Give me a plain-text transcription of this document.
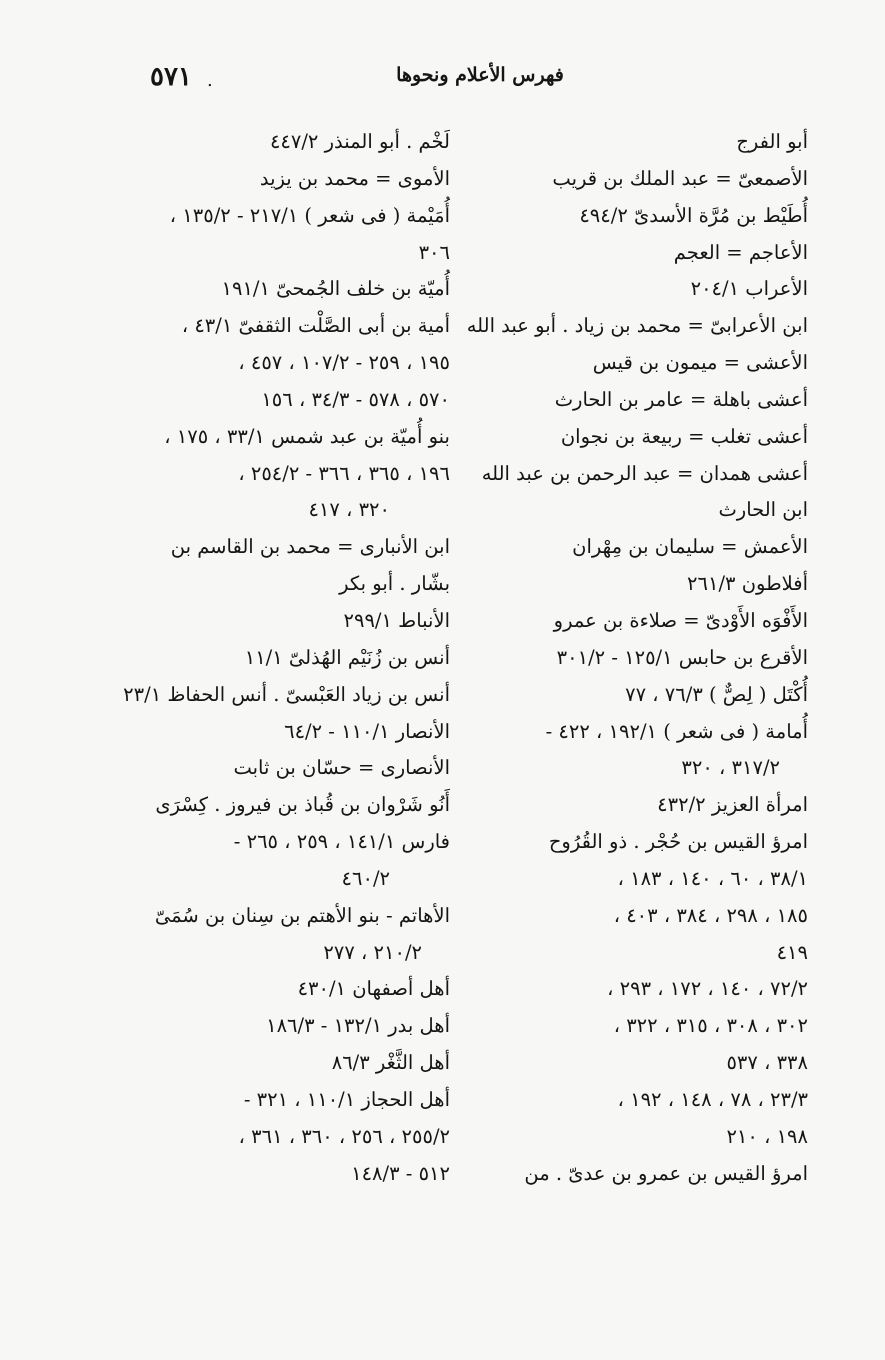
٥٧١ .	فهرس الأعلام ونحوها
أبو الفرج
الأصمعىّ = عبد الملك بن قريب
أُطَيْط بن مُرَّة الأسدىّ ٤٩٤/٢
الأعاجم = العجم
الأعراب ٢٠٤/١
ابن الأعرابىّ = محمد بن زياد . أبو عبد الله
الأعشى = ميمون بن قيس
أعشى باهلة = عامر بن الحارث
أعشى تغلب = ربيعة بن نجوان
أعشى همدان = عبد الرحمن بن عبد الله
ابن الحارث
الأعمش = سليمان بن مِهْران
أفلاطون ٢٦١/٣
الأَفْوَه الأَوْدىّ = صلاءة بن عمرو
الأقرع بن حابس ١٢٥/١ - ٣٠١/٢
أُكْتَل ( لِصٌّ ) ٧٦/٣ ، ٧٧
أُمامة ( فى شعر ) ١٩٢/١ ، ٤٢٢ -
٣١٧/٢ ، ٣٢٠
امرأة العزيز ٤٣٢/٢
امرؤ القيس بن حُجْر . ذو القُرُوح
٣٨/١ ، ٦٠ ، ١٤٠ ، ١٨٣ ،
١٨٥ ، ٢٩٨ ، ٣٨٤ ، ٤٠٣ ،
٤١٩
٧٢/٢ ، ١٤٠ ، ١٧٢ ، ٢٩٣ ،
٣٠٢ ، ٣٠٨ ، ٣١٥ ، ٣٢٢ ،
٣٣٨ ، ٥٣٧
٢٣/٣ ، ٧٨ ، ١٤٨ ، ١٩٢ ،
١٩٨ ، ٢١٠
امرؤ القيس بن عمرو بن عدىّ . من
لَخْم . أبو المنذر ٤٤٧/٢
الأموى = محمد بن يزيد
أُمَيْمة ( فى شعر ) ٢١٧/١ - ١٣٥/٢ ،
٣٠٦
أُميّة بن خلف الجُمحىّ ١٩١/١
أمية بن أبى الصَّلْت الثقفىّ ٤٣/١ ،
١٩٥ ، ٢٥٩ - ١٠٧/٢ ، ٤٥٧ ،
٥٧٠ ، ٥٧٨ - ٣٤/٣ ، ١٥٦
بنو أُميّة بن عبد شمس ٣٣/١ ، ١٧٥ ،
١٩٦ ، ٣٦٥ ، ٣٦٦ - ٢٥٤/٢ ،
٣٢٠ ، ٤١٧
ابن الأنبارى = محمد بن القاسم بن
بشّار . أبو بكر
الأنباط ٢٩٩/١
أنس بن زُنَيْم الهُذلىّ ١١/١
أنس بن زياد العَبْسىّ . أنس الحفاظ ٢٣/١
الأنصار ١١٠/١ - ٦٤/٢
الأنصارى = حسّان بن ثابت
أَنُو شَرْوان بن قُباذ بن فيروز . كِسْرَى
فارس ١٤١/١ ، ٢٥٩ ، ٢٦٥ -
٤٦٠/٢
الأهاتم - بنو الأهتم بن سِنان بن سُمَىّ
٢١٠/٢ ، ٢٧٧
أهل أصفهان ٤٣٠/١
أهل بدر ١٣٢/١ - ١٨٦/٣
أهل الثَّغْر ٨٦/٣
أهل الحجاز ١١٠/١ ، ٣٢١ -
٢٥٥/٢ ، ٢٥٦ ، ٣٦٠ ، ٣٦١ ،
٥١٢ - ١٤٨/٣
